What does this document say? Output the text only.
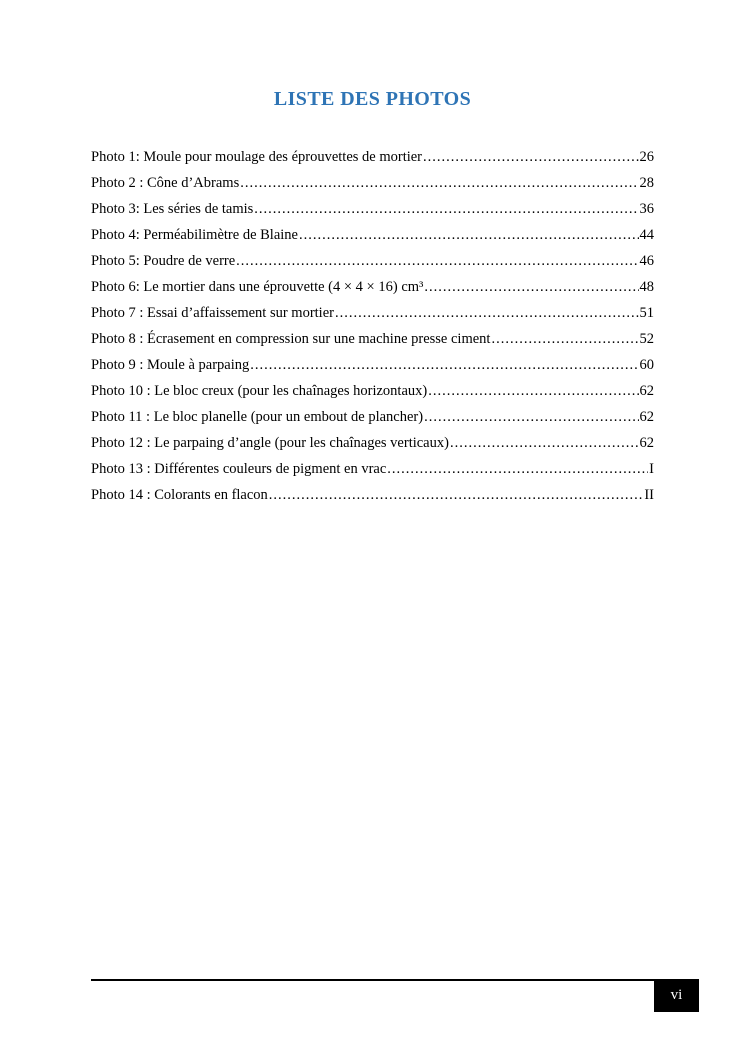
LISTE DES PHOTOS
Photo 1: Moule pour moulage des éprouvettes de mortier .....	26
Photo 2 : Cône d’Abrams .....	28
Photo 3: Les séries de tamis .....	36
Photo 4: Perméabilimètre de Blaine .....	44
Photo 5: Poudre de verre .....	46
Photo 6: Le mortier dans une éprouvette (4 × 4 × 16) cm³ .....	48
Photo 7 : Essai d’affaissement sur mortier .....	51
Photo 8 : Écrasement en compression sur une machine presse ciment .....	52
Photo 9 : Moule à parpaing .....	60
Photo 10 : Le bloc creux (pour les chaînages horizontaux) .....	62
Photo 11 : Le bloc planelle (pour un embout de plancher) .....	62
Photo 12 : Le parpaing d’angle (pour les chaînages verticaux) .....	62
Photo 13 : Différentes couleurs de pigment en vrac .....	I
Photo 14 : Colorants en flacon .....	II
vi
